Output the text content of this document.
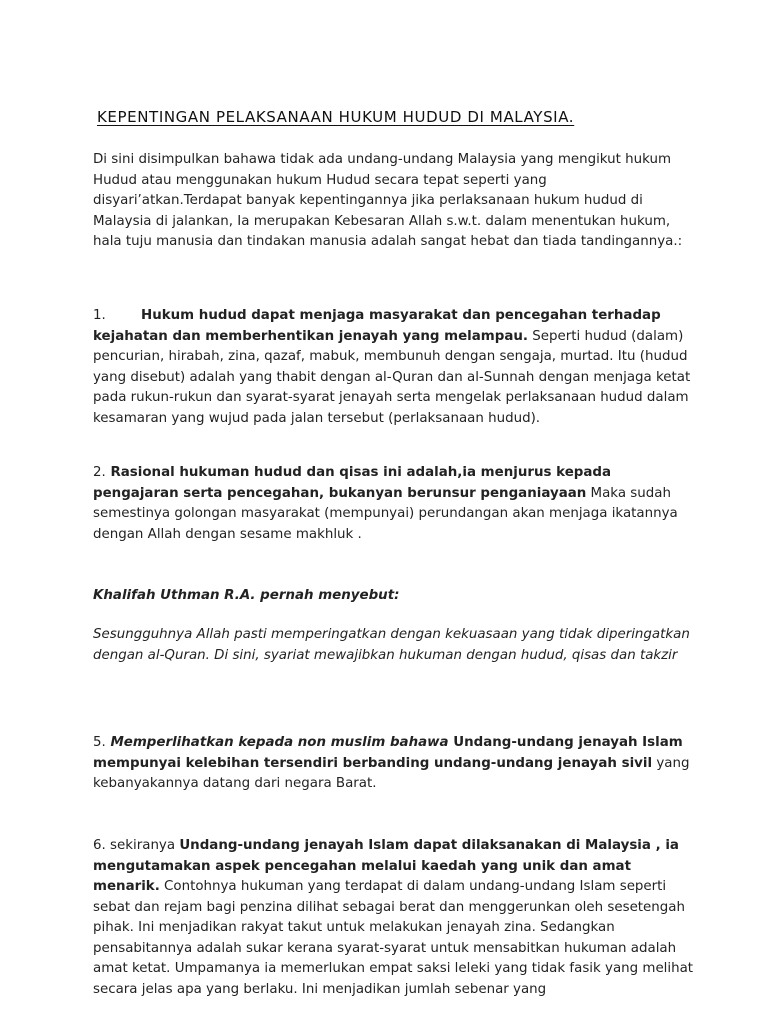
KEPENTINGAN PELAKSANAAN HUKUM HUDUD DI MALAYSIA.

Di sini disimpulkan bahawa tidak ada undang-undang Malaysia yang mengikut hukum Hudud atau menggunakan hukum Hudud secara tepat seperti yang disyari’atkan.Terdapat banyak kepentingannya jika perlaksanaan hukum hudud di Malaysia di jalankan, Ia merupakan Kebesaran Allah s.w.t. dalam menentukan hukum, hala tuju manusia dan tindakan manusia adalah sangat hebat dan tiada tandingannya.:

1.	Hukum hudud dapat menjaga masyarakat dan pencegahan terhadap kejahatan dan memberhentikan jenayah yang melampau. Seperti hudud (dalam) pencurian, hirabah, zina, qazaf, mabuk, membunuh dengan sengaja, murtad. Itu (hudud yang disebut) adalah yang thabit dengan al-Quran dan al-Sunnah dengan menjaga ketat pada rukun-rukun dan syarat-syarat jenayah serta mengelak perlaksanaan hudud dalam kesamaran yang wujud pada jalan tersebut (perlaksanaan hudud).

2. Rasional hukuman hudud dan qisas ini adalah,ia menjurus kepada pengajaran serta pencegahan, bukanyan berunsur penganiayaan Maka sudah semestinya golongan masyarakat (mempunyai) perundangan akan menjaga ikatannya dengan Allah dengan sesame makhluk .

Khalifah Uthman R.A. pernah menyebut:

Sesungguhnya Allah pasti memperingatkan dengan kekuasaan yang tidak diperingatkan dengan al-Quran. Di sini, syariat mewajibkan hukuman dengan hudud, qisas dan takzir

5. Memperlihatkan kepada non muslim bahawa Undang-undang jenayah Islam mempunyai kelebihan tersendiri berbanding undang-undang jenayah sivil yang kebanyakannya datang dari negara Barat.

6. sekiranya Undang-undang jenayah Islam dapat dilaksanakan di Malaysia , ia mengutamakan aspek pencegahan melalui kaedah yang unik dan amat menarik. Contohnya hukuman yang terdapat di dalam undang-undang Islam seperti sebat dan rejam bagi penzina dilihat sebagai berat dan menggerunkan oleh sesetengah pihak. Ini menjadikan rakyat takut untuk melakukan jenayah zina. Sedangkan pensabitannya adalah sukar kerana syarat-syarat untuk mensabitkan hukuman adalah amat ketat. Umpamanya ia memerlukan empat saksi leleki yang tidak fasik yang melihat secara jelas apa yang berlaku. Ini menjadikan jumlah sebenar yang
